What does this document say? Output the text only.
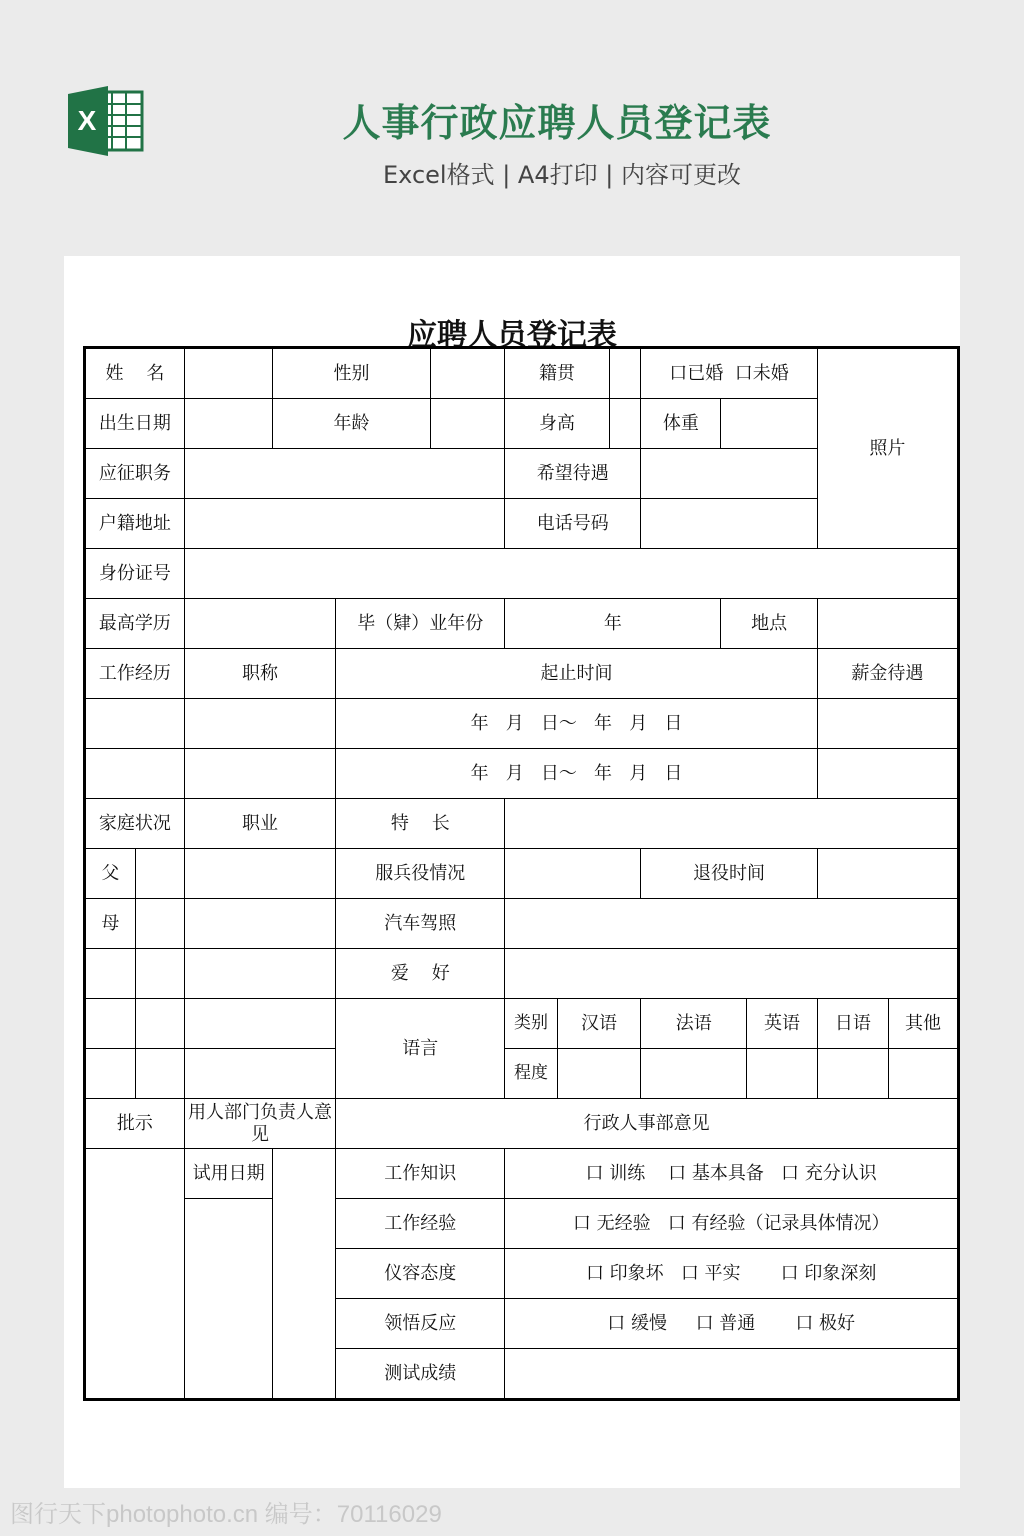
X	人事行政应聘人员登记表
Excel格式 | A4打印 | 内容可更改
应聘人员登记表
姓    名			性别			籍贯			口已婚  口未婚			照片	
出生日期			年龄			身高			体重				
应征职务						希望待遇							
户籍地址						电话号码							
身份证号													
最高学历				毕（肄）业年份		年				地点			
工作经历		职称		起止时间								薪金待遇	
				年   月   日～   年   月   日									
				年   月   日～   年   月   日									
家庭状况		职业		特    长									
父				服兵役情况					退役时间				
母				汽车驾照									
				爱    好									
				语言		类别	汉语		法语		英语	日语	其他
						程度							
批示		用人部门负责人意见		行政人事部意见									
		试用日期		工作知识		口 训练    口 基本具备   口 充分认识							
				工作经验		口 无经验   口 有经验（记录具体情况）							
				仪容态度		口 印象坏   口 平实       口 印象深刻							
				领悟反应		口 缓慢     口 普通       口 极好							
				测试成绩									
图行天下photophoto.cn 编号：70116029
